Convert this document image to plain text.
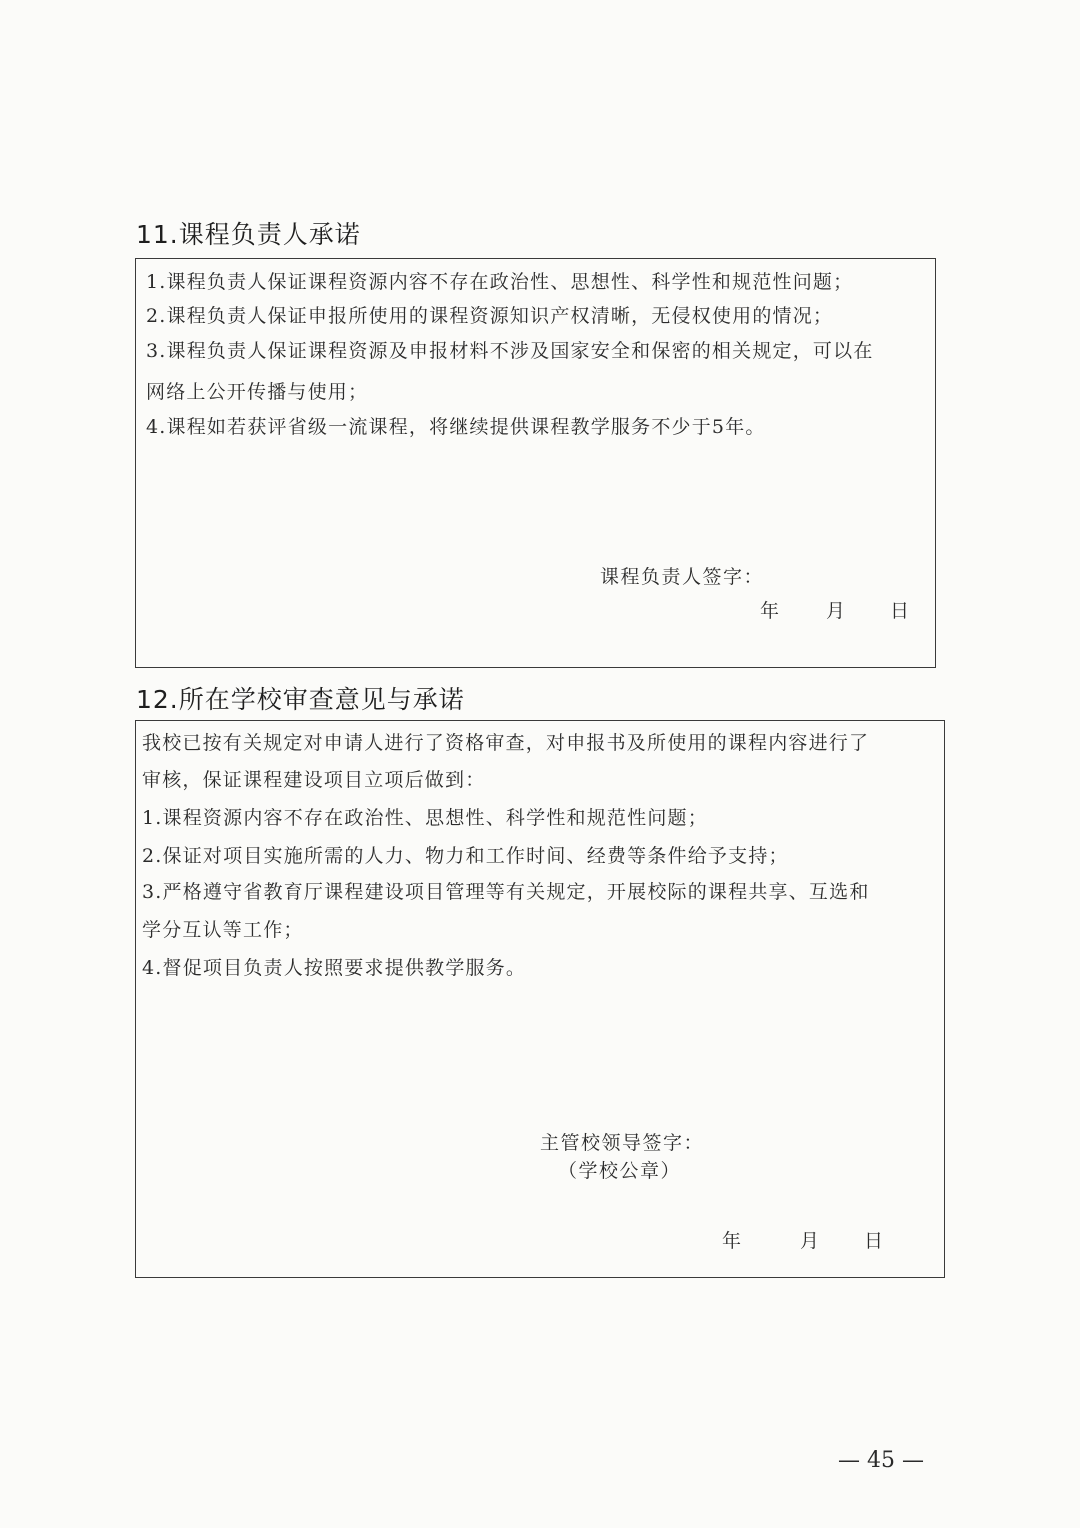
11.课程负责人承诺
1.课程负责人保证课程资源内容不存在政治性、思想性、科学性和规范性问题；
2.课程负责人保证申报所使用的课程资源知识产权清晰，无侵权使用的情况；
3.课程负责人保证课程资源及申报材料不涉及国家安全和保密的相关规定，可以在
网络上公开传播与使用；
4.课程如若获评省级一流课程，将继续提供课程教学服务不少于5年。
课程负责人签字：
年 月 日
12.所在学校审查意见与承诺
我校已按有关规定对申请人进行了资格审查，对申报书及所使用的课程内容进行了
审核，保证课程建设项目立项后做到：
1.课程资源内容不存在政治性、思想性、科学性和规范性问题；
2.保证对项目实施所需的人力、物力和工作时间、经费等条件给予支持；
3.严格遵守省教育厅课程建设项目管理等有关规定，开展校际的课程共享、互选和
学分互认等工作；
4.督促项目负责人按照要求提供教学服务。
主管校领导签字：
（学校公章）
年	月 日
— 45 —
